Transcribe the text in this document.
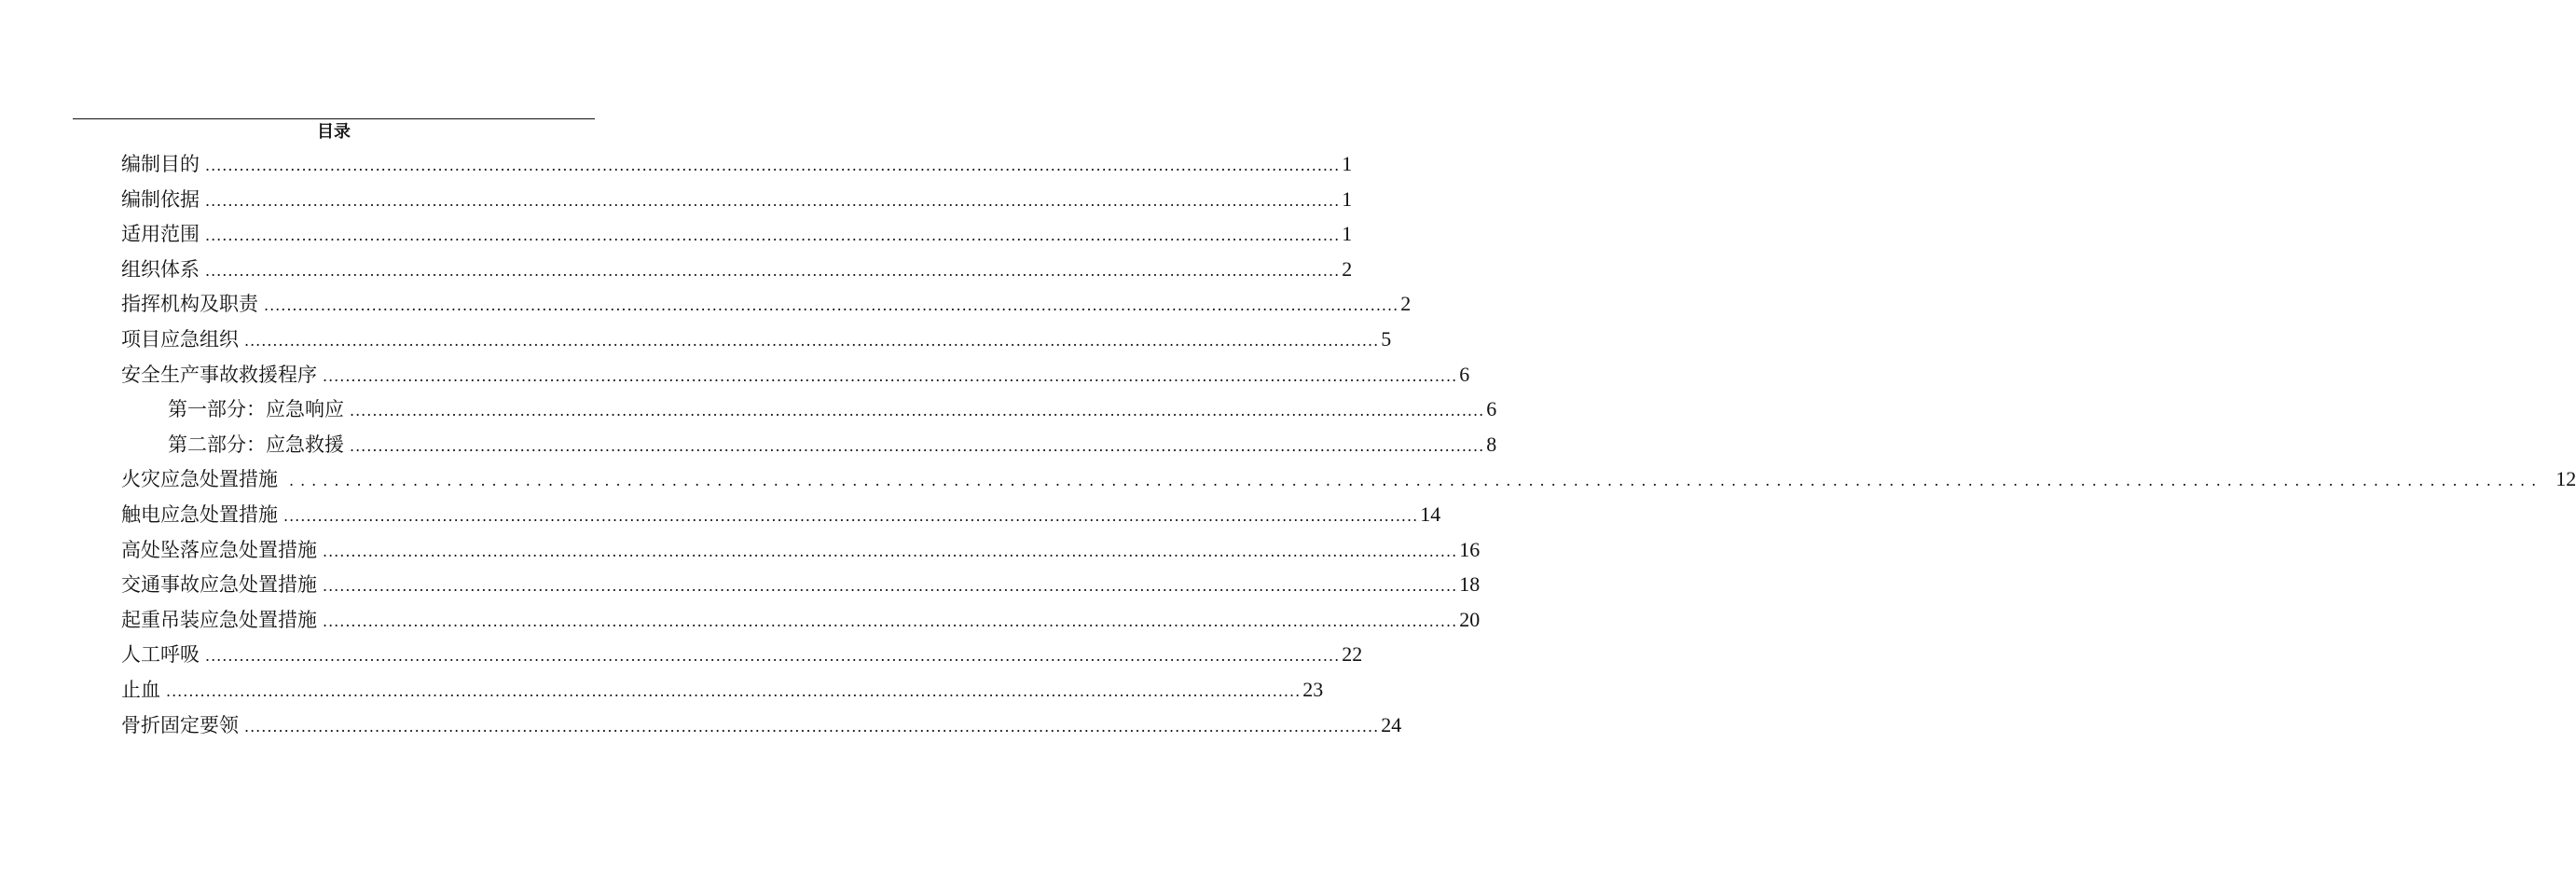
目录
编制目的 ........................................................................................................................................................................................................ 1
编制依据 ........................................................................................................................................................................................................ 1
适用范围 ........................................................................................................................................................................................................ 1
组织体系 ........................................................................................................................................................................................................ 2
指挥机构及职责 ........................................................................................................................................................................................................ 2
项目应急组织 ........................................................................................................................................................................................................ 5
安全生产事故救援程序 ........................................................................................................................................................................................................ 6
第一部分：应急响应 ........................................................................................................................................................................................................ 6
第二部分：应急救援 ........................................................................................................................................................................................................ 8
火灾应急处置措施 ........................................................................................................................................................................................................ 12
触电应急处置措施 ........................................................................................................................................................................................................ 14
高处坠落应急处置措施 ........................................................................................................................................................................................................ 16
交通事故应急处置措施 ........................................................................................................................................................................................................ 18
起重吊装应急处置措施 ........................................................................................................................................................................................................ 20
人工呼吸 ........................................................................................................................................................................................................ 22
止血 ........................................................................................................................................................................................................ 23
骨折固定要领 ........................................................................................................................................................................................................ 24
